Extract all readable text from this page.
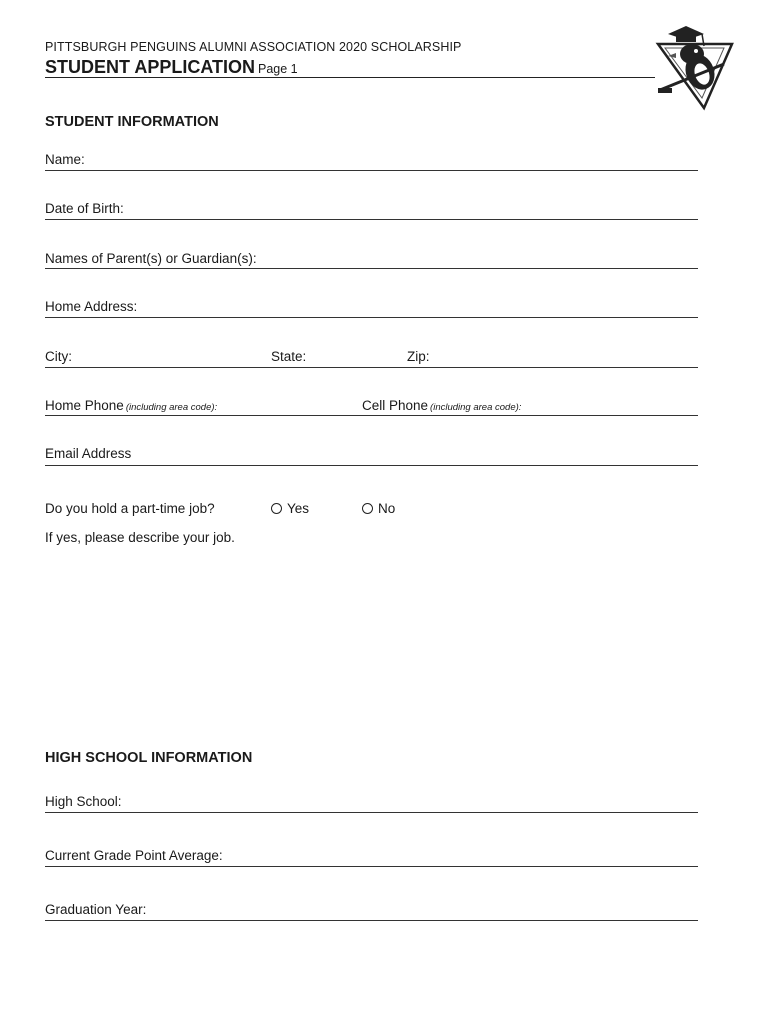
PITTSBURGH PENGUINS ALUMNI ASSOCIATION 2020 SCHOLARSHIP
STUDENT APPLICATION Page 1
STUDENT INFORMATION
Name:
Date of Birth:
Names of Parent(s) or Guardian(s):
Home Address:
City:	State:	Zip:
Home Phone (including area code):	Cell Phone (including area code):
Email Address
Do you hold a part-time job?	Yes	No
If yes, please describe your job.
HIGH SCHOOL INFORMATION
High School:
Current Grade Point Average:
Graduation Year:
